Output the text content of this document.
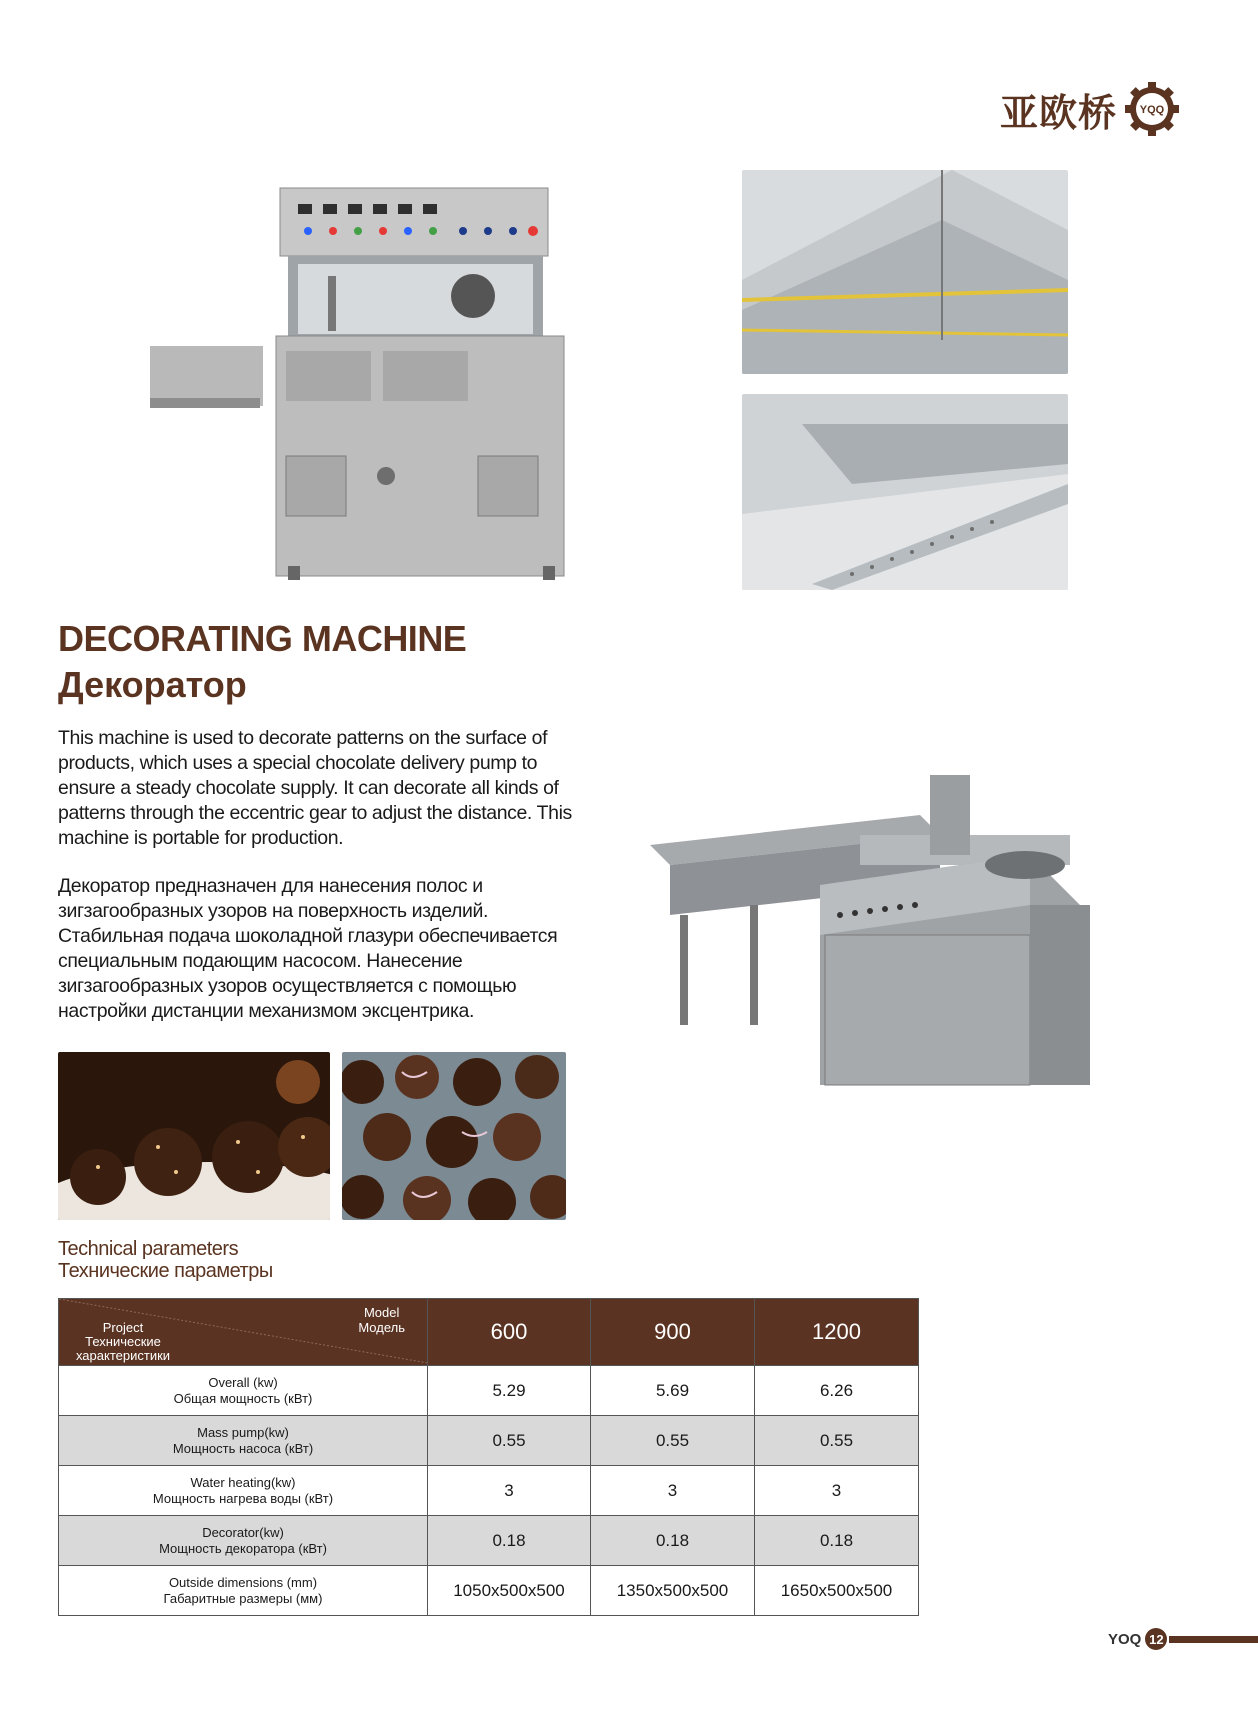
亚欧桥 YQQ
DECORATING MACHINE
Декоратор

This machine is used to decorate patterns on the surface of products, which uses a special chocolate delivery pump to ensure a steady chocolate supply. It can decorate all kinds of patterns through the eccentric gear to adjust the distance. This machine is portable for production.

Декоратор предназначен для нанесения полос и зигзагообразных узоров на поверхность изделий. Стабильная подача шоколадной глазури обеспечивается специальным подающим насосом. Нанесение зигзагообразных узоров осуществляется с помощью настройки дистанции механизмом эксцентрика.

Technical parameters
Технические параметры
Model
Модель
Project
Технические характеристики	600	900	1200

Overall (kw)
Общая мощность (кВт)	5.29	5.69	6.26

Mass pump(kw)
Мощность насоса (кВт)	0.55	0.55	0.55

Water heating(kw)
Мощность нагрева воды (кВт)	3	3	3

Decorator(kw)
Мощность декоратора (кВт)	0.18	0.18	0.18

Outside dimensions (mm)
Габаритные размеры (мм)	1050x500x500	1350x500x500	1650x500x500
YOQ 12
